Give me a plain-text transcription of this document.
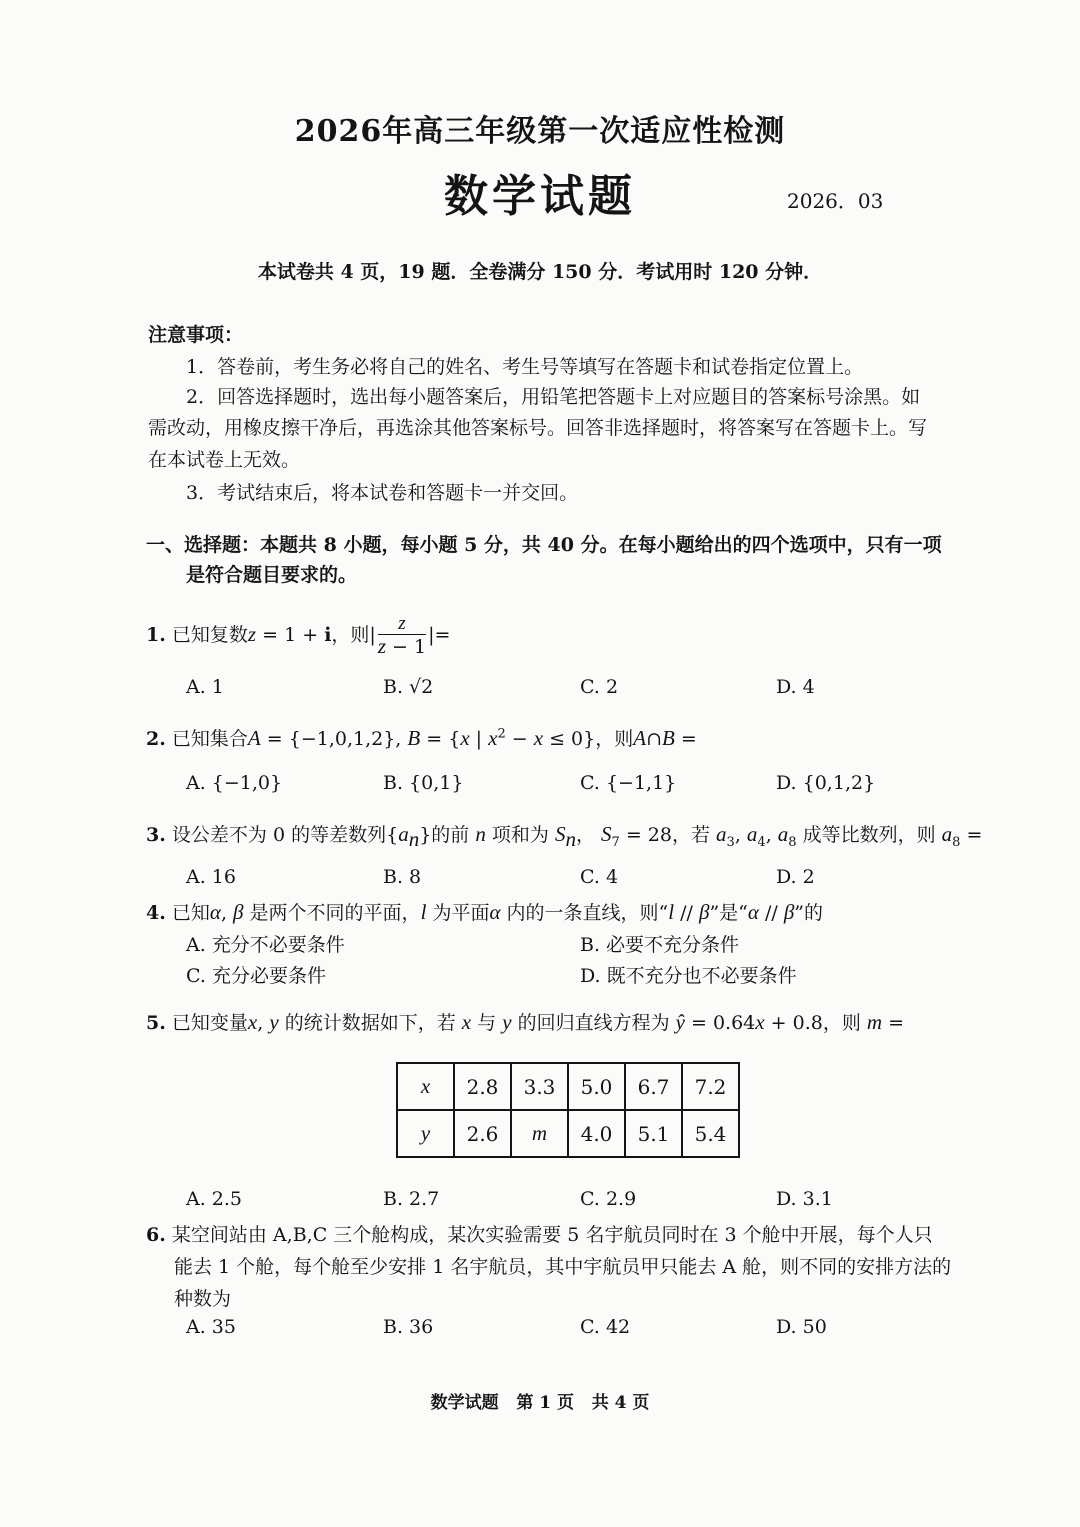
2026年高三年级第一次适应性检测
数学试题	2026．03
本试卷共 4 页，19 题．全卷满分 150 分．考试用时 120 分钟．
注意事项：
1．答卷前，考生务必将自己的姓名、考生号等填写在答题卡和试卷指定位置上。
2．回答选择题时，选出每小题答案后，用铅笔把答题卡上对应题目的答案标号涂黑。如
需改动，用橡皮擦干净后，再选涂其他答案标号。回答非选择题时，将答案写在答题卡上。写
在本试卷上无效。
3．考试结束后，将本试卷和答题卡一并交回。
一、选择题：本题共 8 小题，每小题 5 分，共 40 分。在每小题给出的四个选项中，只有一项
是符合题目要求的。
1. 已知复数z = 1 + i，则| $\frac{z}{z - 1}$ |=
A. 1	B. √2	C. 2	D. 4
2. 已知集合A = {−1,0,1,2}, B = {x | $x^2 - x \le 0$}，则A∩B =
A. {−1,0}	B. {0,1}	C. {−1,1}	D. {0,1,2}
3. 设公差不为 0 的等差数列$\{a_n\}$的前 n 项和为 $S_n$， $S_7 = 28$，若 $a_3$, $a_4$, $a_8$ 成等比数列，则 $a_8$ =
A. 16	B. 8	C. 4	D. 2
4. 已知α, β 是两个不同的平面，l 为平面α 内的一条直线，则“l // β”是“α // β”的
A. 充分不必要条件	B. 必要不充分条件
C. 充分必要条件	D. 既不充分也不必要条件
5. 已知变量x, y 的统计数据如下，若 x 与 y 的回归直线方程为 ŷ = 0.64x + 0.8，则 m =
x	2.8	3.3	5.0	6.7	7.2
y	2.6	m	4.0	5.1	5.4
A. 2.5	B. 2.7	C. 2.9	D. 3.1
6. 某空间站由 A,B,C 三个舱构成，某次实验需要 5 名宇航员同时在 3 个舱中开展，每个人只
能去 1 个舱，每个舱至少安排 1 名宇航员，其中宇航员甲只能去 A 舱，则不同的安排方法的
种数为
A. 35	B. 36	C. 42	D. 50
数学试题   第 1 页   共 4 页
